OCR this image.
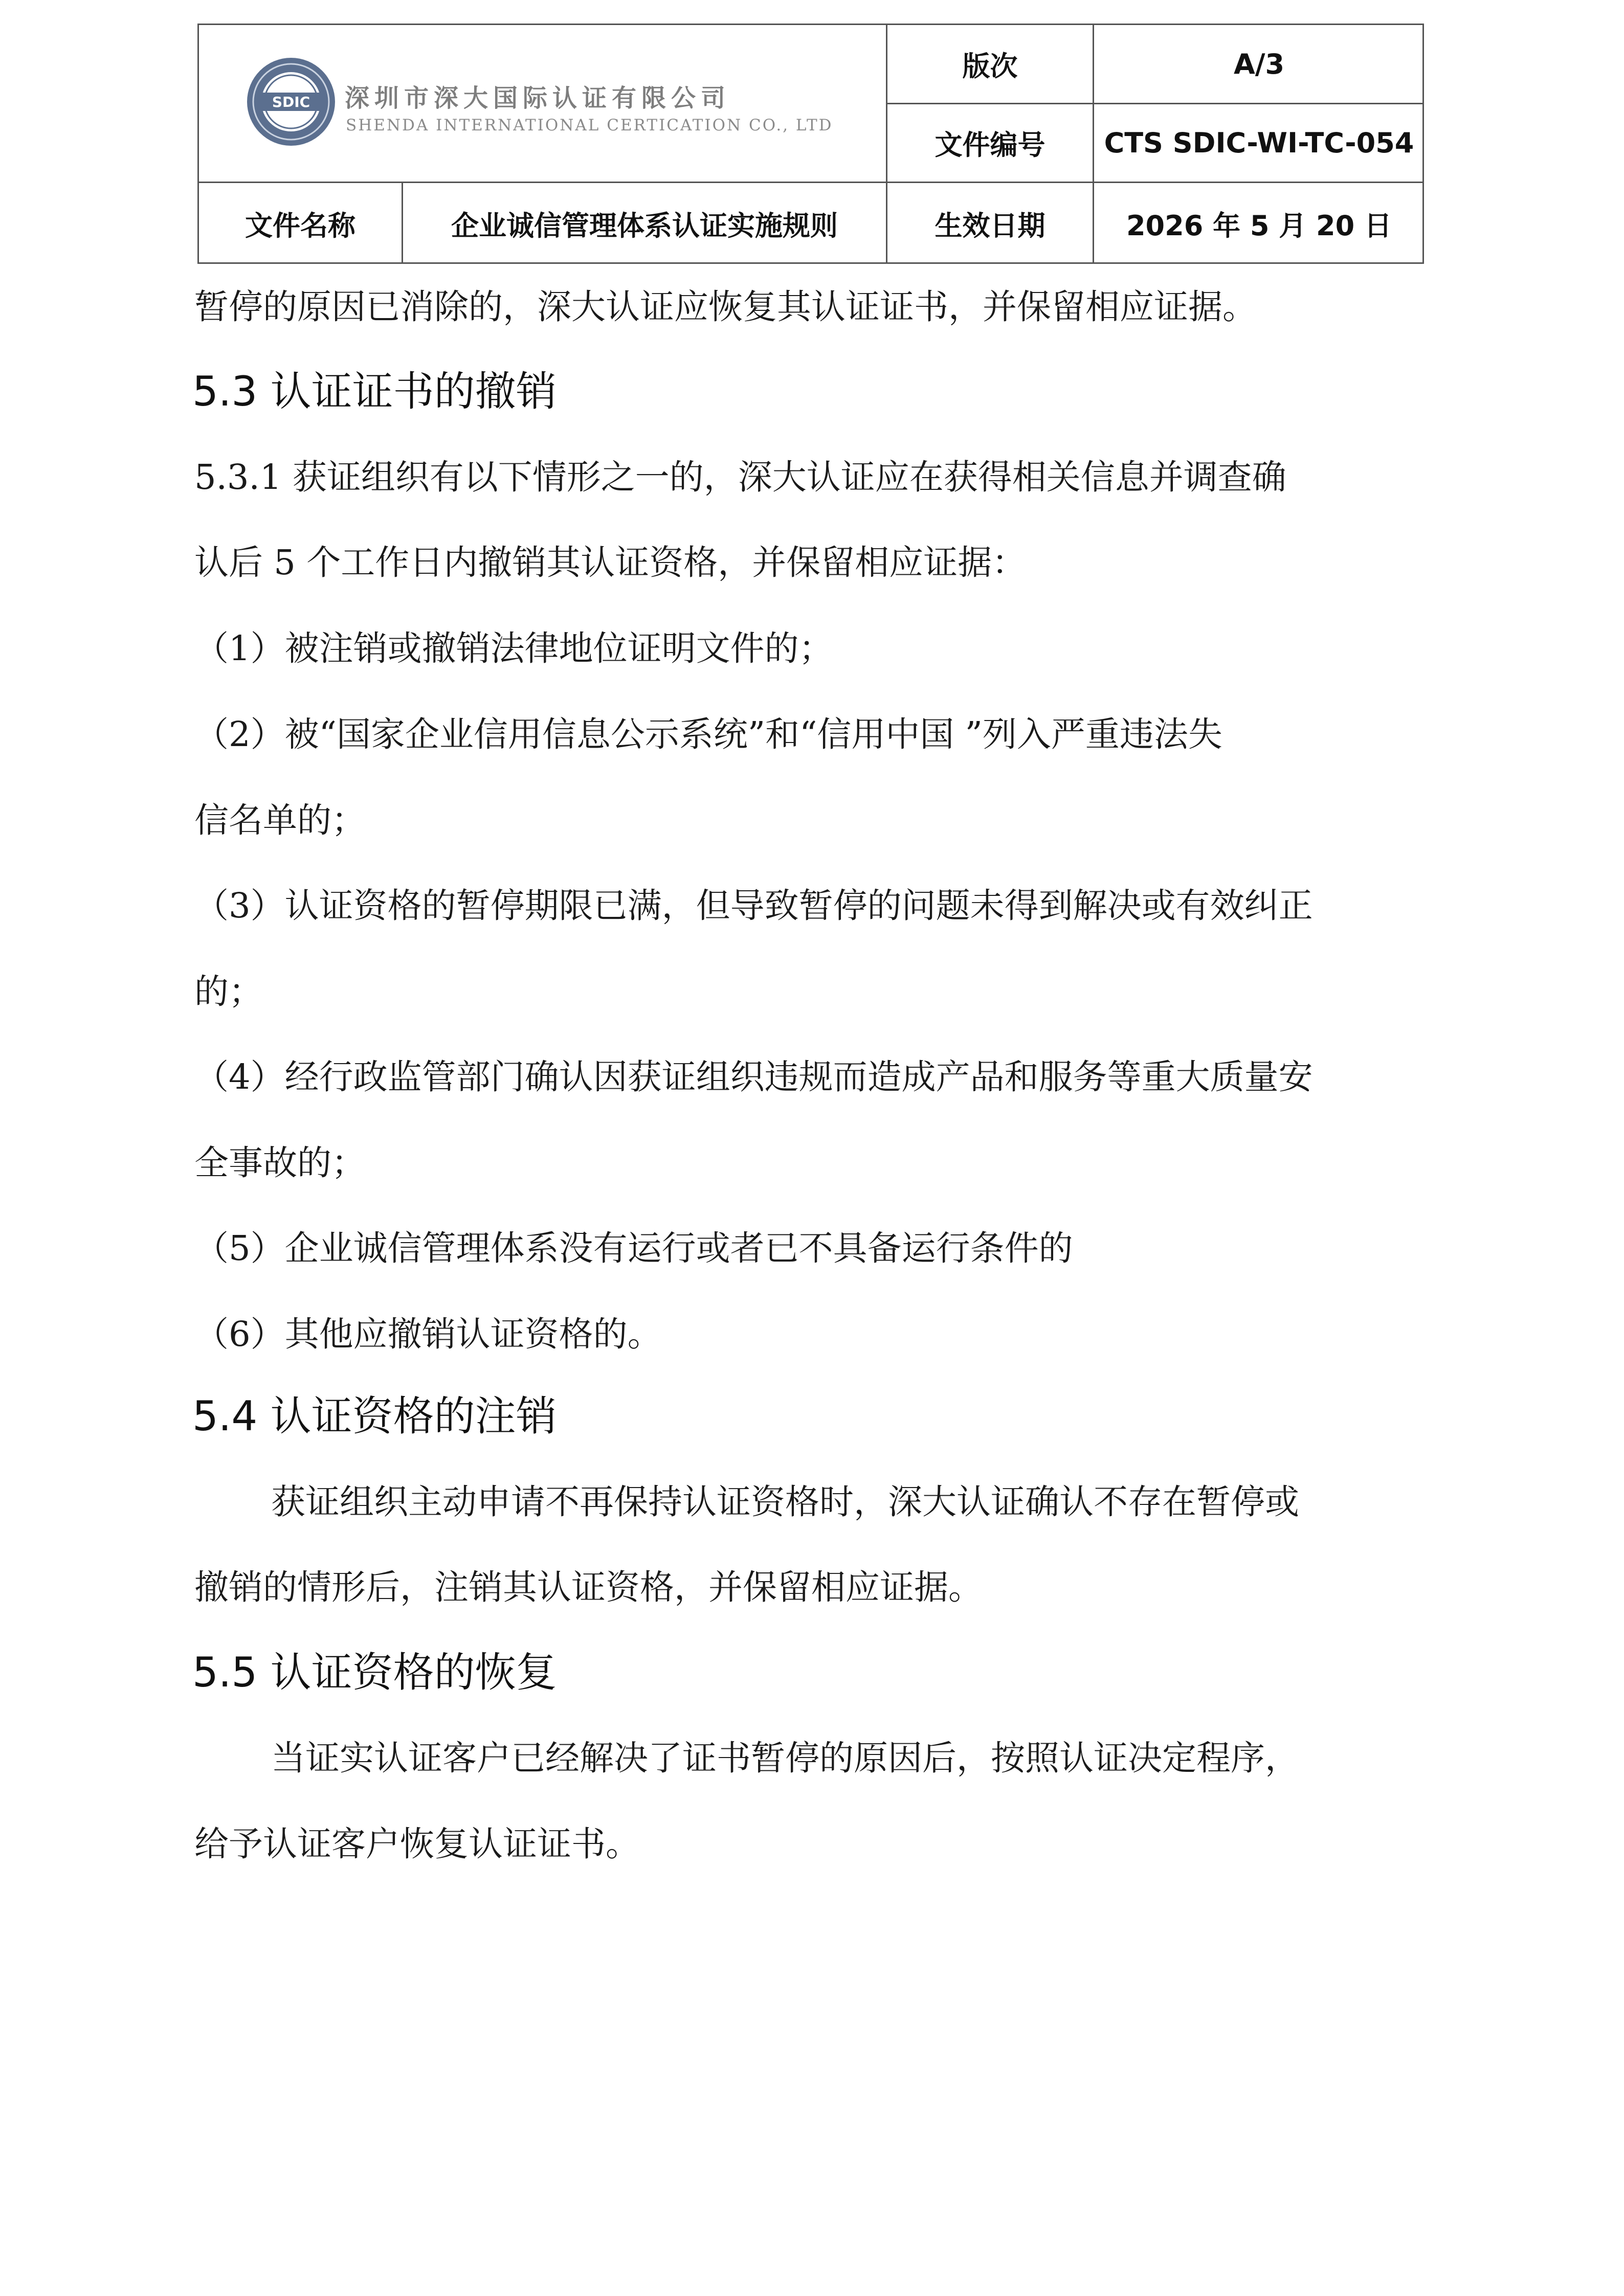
SDIC 深圳市深大国际认证有限公司
SHENDA INTERNATIONAL CERTICATION CO., LTD
版次	A/3
文件编号	CTS SDIC-WI-TC-054
文件名称	企业诚信管理体系认证实施规则	生效日期	2026 年 5 月 20 日
暂停的原因已消除的，深大认证应恢复其认证证书，并保留相应证据。
5.3 认证证书的撤销
5.3.1 获证组织有以下情形之一的，深大认证应在获得相关信息并调查确
认后 5 个工作日内撤销其认证资格，并保留相应证据：
（1）被注销或撤销法律地位证明文件的；
（2）被“国家企业信用信息公示系统”和“信用中国 ”列入严重违法失
信名单的；
（3）认证资格的暂停期限已满，但导致暂停的问题未得到解决或有效纠正
的；
（4）经行政监管部门确认因获证组织违规而造成产品和服务等重大质量安
全事故的；
（5）企业诚信管理体系没有运行或者已不具备运行条件的
（6）其他应撤销认证资格的。
5.4 认证资格的注销
获证组织主动申请不再保持认证资格时，深大认证确认不存在暂停或
撤销的情形后，注销其认证资格，并保留相应证据。
5.5 认证资格的恢复
当证实认证客户已经解决了证书暂停的原因后，按照认证决定程序，
给予认证客户恢复认证证书。
